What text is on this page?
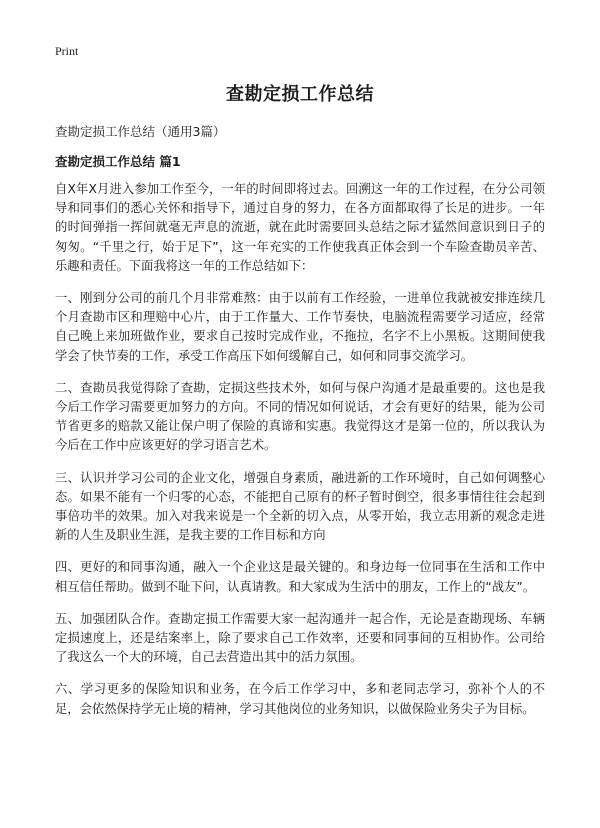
Print
查勘定损工作总结

查勘定损工作总结（通用3篇）

查勘定损工作总结 篇1

自X年X月进入参加工作至今，一年的时间即将过去。回溯这一年的工作过程，在分公司领导和同事们的悉心关怀和指导下，通过自身的努力，在各方面都取得了长足的进步。一年的时间弹指一挥间就毫无声息的流逝，就在此时需要回头总结之际才猛然间意识到日子的匆匆。“千里之行，始于足下”，这一年充实的工作使我真正体会到一个车险查勘员辛苦、乐趣和责任。下面我将这一年的工作总结如下：

一、刚到分公司的前几个月非常难熬：由于以前有工作经验，一进单位我就被安排连续几个月查勘市区和理赔中心片，由于工作量大、工作节奏快，电脑流程需要学习适应，经常自己晚上来加班做作业，要求自己按时完成作业，不拖拉，名字不上小黑板。这期间使我学会了快节奏的工作，承受工作高压下如何缓解自己，如何和同事交流学习。

二、查勘员我觉得除了查勘，定损这些技术外，如何与保户沟通才是最重要的。这也是我今后工作学习需要更加努力的方向。不同的情况如何说话，才会有更好的结果，能为公司节省更多的赔款又能让保户明了保险的真谛和实惠。我觉得这才是第一位的，所以我认为今后在工作中应该更好的学习语言艺术。

三、认识并学习公司的企业文化，增强自身素质，融进新的工作环境时，自己如何调整心态。如果不能有一个归零的心态，不能把自己原有的杯子暂时倒空，很多事情往往会起到事倍功半的效果。加入对我来说是一个全新的切入点，从零开始，我立志用新的观念走进新的人生及职业生涯，是我主要的工作目标和方向

四、更好的和同事沟通，融入一个企业这是最关键的。和身边每一位同事在生活和工作中相互信任帮助。做到不耻下问，认真请教。和大家成为生活中的朋友，工作上的“战友”。

五、加强团队合作。查勘定损工作需要大家一起沟通并一起合作，无论是查勘现场、车辆定损速度上，还是结案率上，除了要求自己工作效率，还要和同事间的互相协作。公司给了我这么一个大的环境，自己去营造出其中的活力氛围。

六、学习更多的保险知识和业务，在今后工作学习中，多和老同志学习，弥补个人的不足，会依然保持学无止境的精神，学习其他岗位的业务知识，以做保险业务尖子为目标。
